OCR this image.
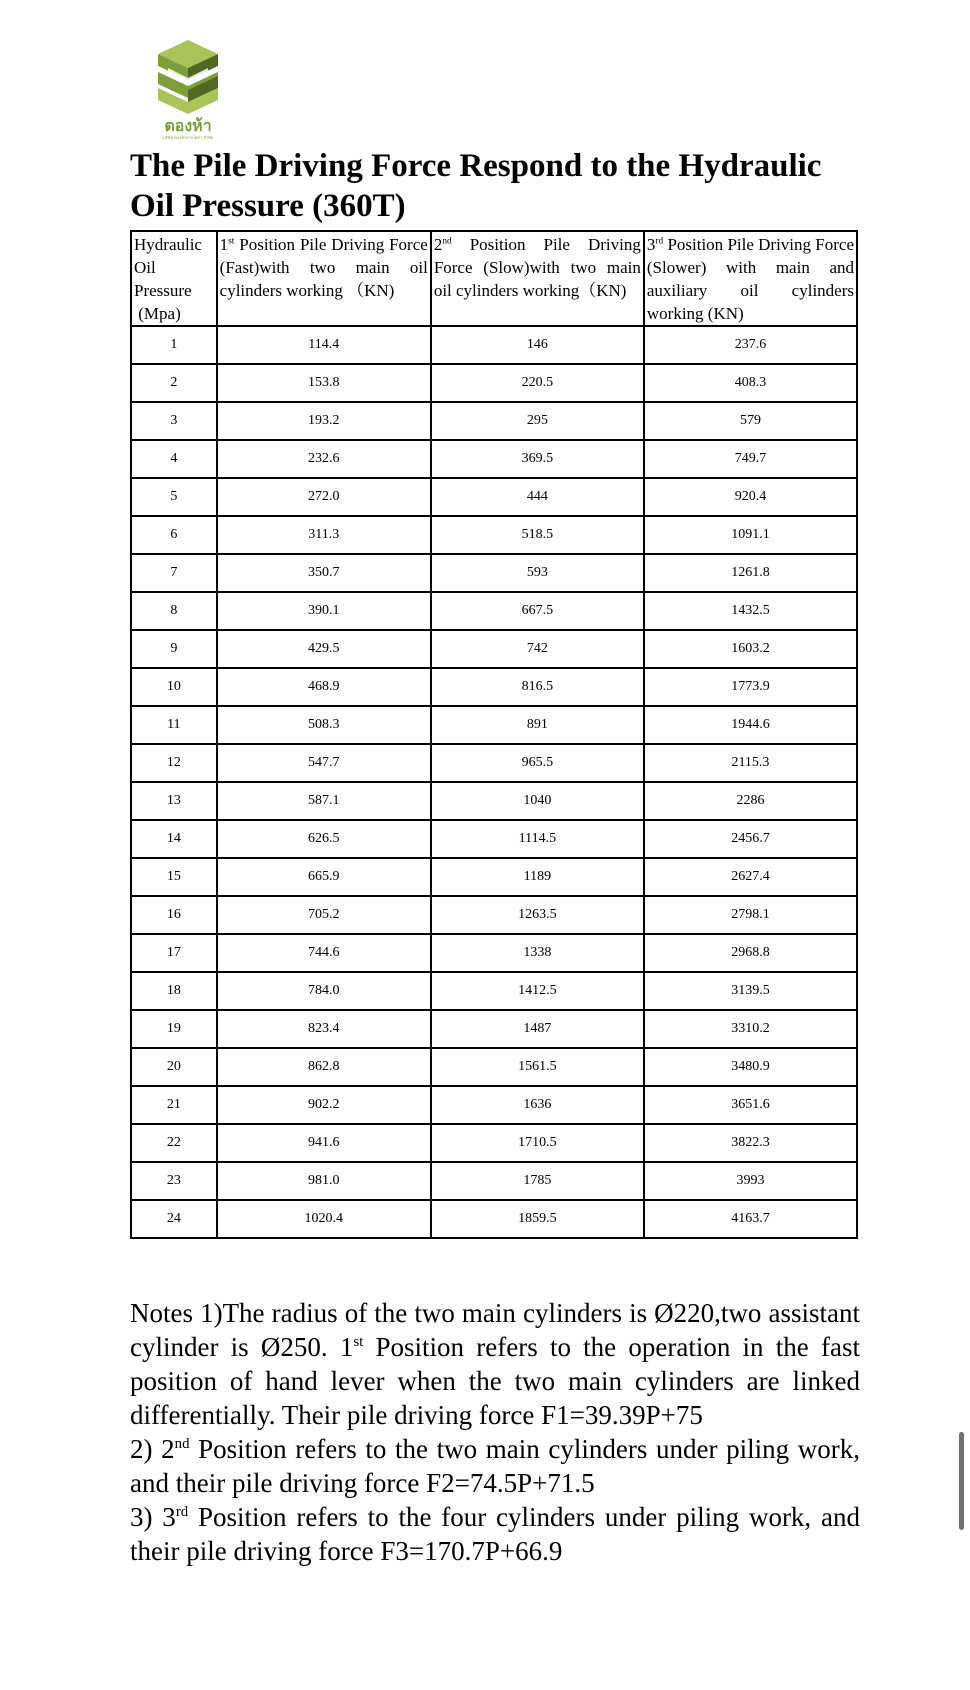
ตองห้า
บริษัท ตองห้าการโยธา จำกัด
The Pile Driving Force Respond to the Hydraulic Oil Pressure (360T)
Hydraulic Oil Pressure  (Mpa)	1st Position Pile Driving Force (Fast)with two main oil cylinders working （KN)	2nd Position Pile Driving Force (Slow)with two main oil cylinders working（KN)	3rd Position Pile Driving Force (Slower) with main and auxiliary oil cylinders working (KN)
1	114.4	146	237.6
2	153.8	220.5	408.3
3	193.2	295	579
4	232.6	369.5	749.7
5	272.0	444	920.4
6	311.3	518.5	1091.1
7	350.7	593	1261.8
8	390.1	667.5	1432.5
9	429.5	742	1603.2
10	468.9	816.5	1773.9
11	508.3	891	1944.6
12	547.7	965.5	2115.3
13	587.1	1040	2286
14	626.5	1114.5	2456.7
15	665.9	1189	2627.4
16	705.2	1263.5	2798.1
17	744.6	1338	2968.8
18	784.0	1412.5	3139.5
19	823.4	1487	3310.2
20	862.8	1561.5	3480.9
21	902.2	1636	3651.6
22	941.6	1710.5	3822.3
23	981.0	1785	3993
24	1020.4	1859.5	4163.7

Notes 1)The radius of the two main cylinders is Ø220,two assistant cylinder is Ø250. 1st Position refers to the operation in the fast position of hand lever when the two main cylinders are linked differentially. Their pile driving force F1=39.39P+75

2) 2nd Position refers to the two main cylinders under piling work, and their pile driving force F2=74.5P+71.5

3) 3rd Position refers to the four cylinders under piling work, and their pile driving force F3=170.7P+66.9
